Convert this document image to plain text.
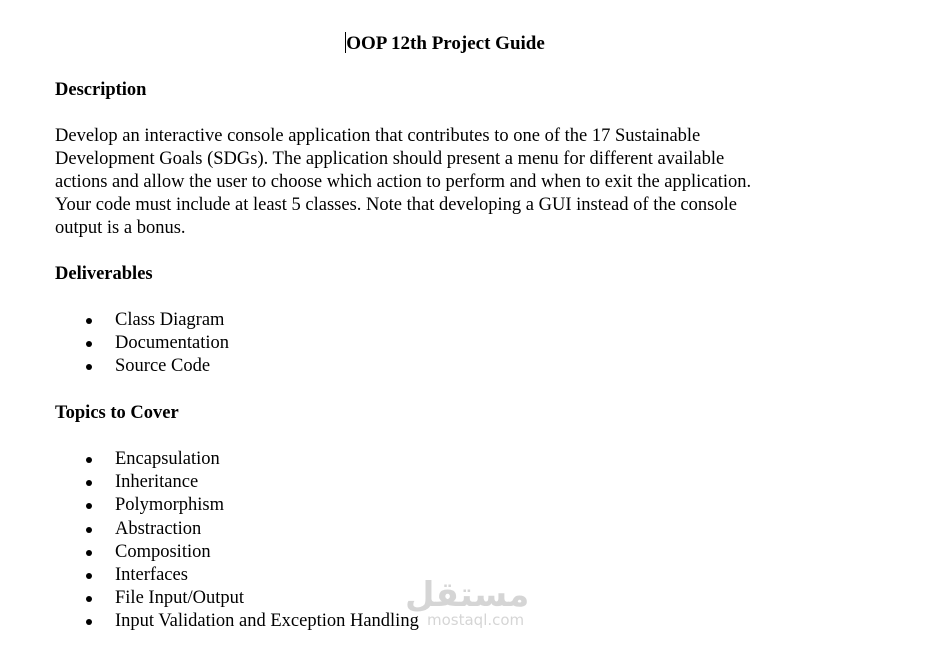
OOP 12th Project Guide
Description
Develop an interactive console application that contributes to one of the 17 Sustainable
Development Goals (SDGs). The application should present a menu for different available
actions and allow the user to choose which action to perform and when to exit the application.
Your code must include at least 5 classes. Note that developing a GUI instead of the console
output is a bonus.
Deliverables
Class Diagram
Documentation
Source Code
Topics to Cover
Encapsulation
Inheritance
Polymorphism
Abstraction
Composition
Interfaces
File Input/Output
Input Validation and Exception Handling
مستقل
mostaql.com
